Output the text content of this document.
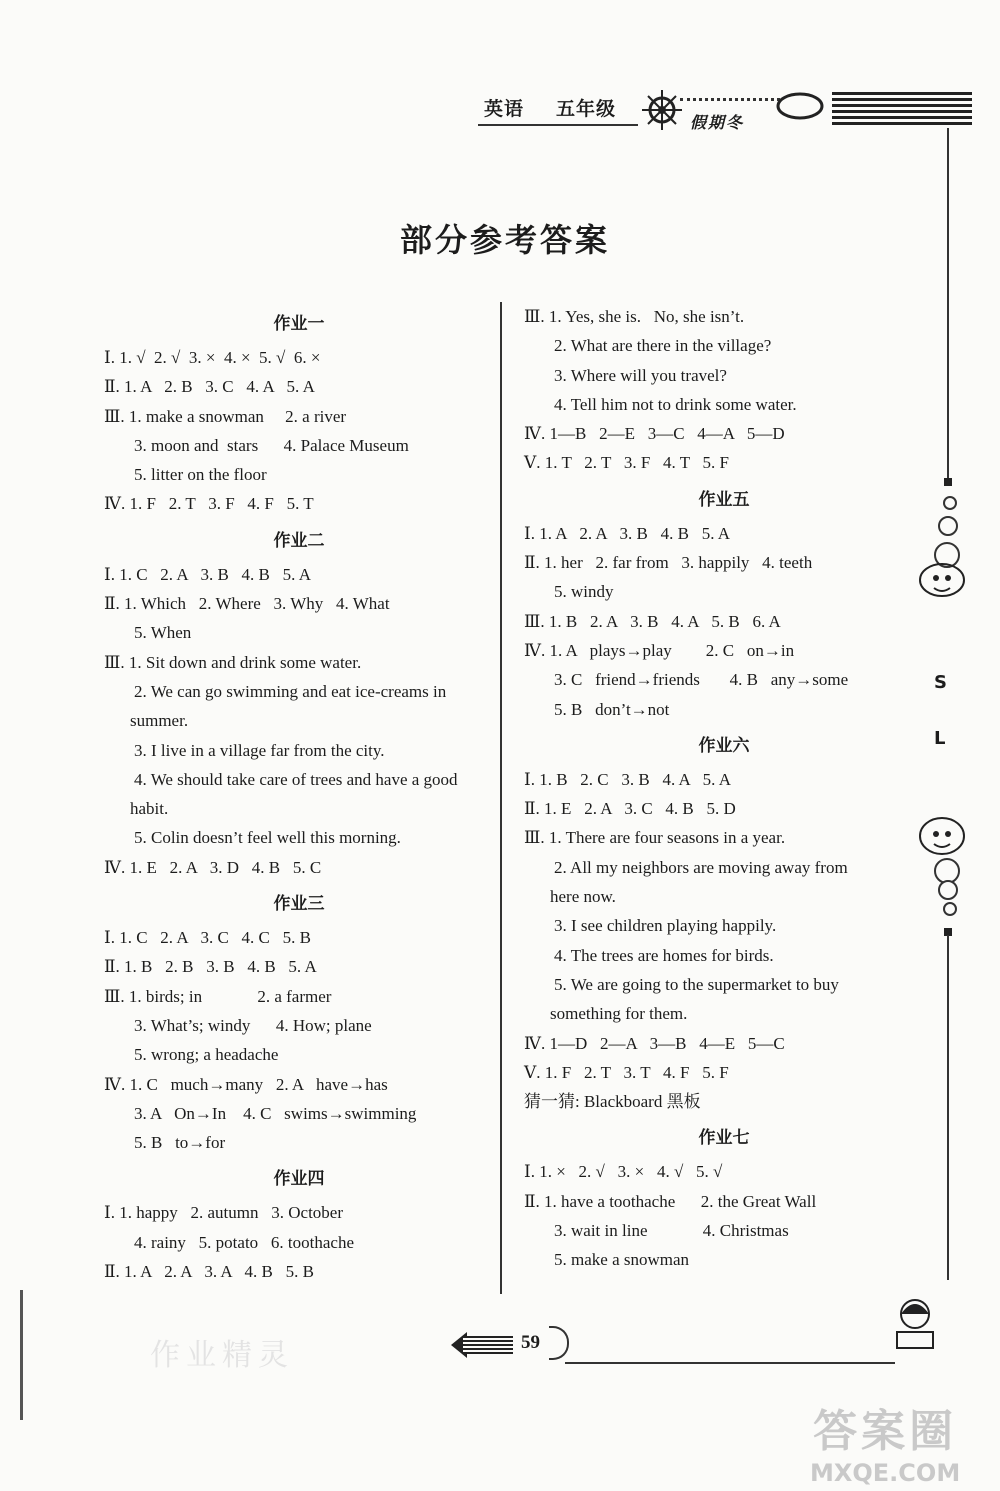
英语 五年级
假期冬
S
L
部分参考答案
作业一
Ⅰ. 1. √  2. √  3. ×  4. ×  5. √  6. ×
Ⅱ. 1. A   2. B   3. C   4. A   5. A
Ⅲ. 1. make a snowman     2. a river
3. moon and  stars      4. Palace Museum
5. litter on the floor
Ⅳ. 1. F   2. T   3. F   4. F   5. T
作业二
Ⅰ. 1. C   2. A   3. B   4. B   5. A
Ⅱ. 1. Which   2. Where   3. Why   4. What
5. When
Ⅲ. 1. Sit down and drink some water.
2. We can go swimming and eat ice-creams in
summer.
3. I live in a village far from the city.
4. We should take care of trees and have a good
habit.
5. Colin doesn’t feel well this morning.
Ⅳ. 1. E   2. A   3. D   4. B   5. C
作业三
Ⅰ. 1. C   2. A   3. C   4. C   5. B
Ⅱ. 1. B   2. B   3. B   4. B   5. A
Ⅲ. 1. birds; in             2. a farmer
3. What’s; windy      4. How; plane
5. wrong; a headache
Ⅳ. 1. C   much→many   2. A   have→has
3. A   On→In    4. C   swims→swimming
5. B   to→for
作业四
Ⅰ. 1. happy   2. autumn   3. October
4. rainy   5. potato   6. toothache
Ⅱ. 1. A   2. A   3. A   4. B   5. B
Ⅲ. 1. Yes, she is.   No, she isn’t.
2. What are there in the village?
3. Where will you travel?
4. Tell him not to drink some water.
Ⅳ. 1—B   2—E   3—C   4—A   5—D
Ⅴ. 1. T   2. T   3. F   4. T   5. F
作业五
Ⅰ. 1. A   2. A   3. B   4. B   5. A
Ⅱ. 1. her   2. far from   3. happily   4. teeth
5. windy
Ⅲ. 1. B   2. A   3. B   4. A   5. B   6. A
Ⅳ. 1. A   plays→play        2. C   on→in
3. C   friend→friends       4. B   any→some
5. B   don’t→not
作业六
Ⅰ. 1. B   2. C   3. B   4. A   5. A
Ⅱ. 1. E   2. A   3. C   4. B   5. D
Ⅲ. 1. There are four seasons in a year.
2. All my neighbors are moving away from
here now.
3. I see children playing happily.
4. The trees are homes for birds.
5. We are going to the supermarket to buy
something for them.
Ⅳ. 1—D   2—A   3—B   4—E   5—C
Ⅴ. 1. F   2. T   3. T   4. F   5. F
猜一猜: Blackboard 黑板
作业七
Ⅰ. 1. ×   2. √   3. ×   4. √   5. √
Ⅱ. 1. have a toothache      2. the Great Wall
3. wait in line             4. Christmas
5. make a snowman
59
作业精灵
答案圈
MXQE.COM
